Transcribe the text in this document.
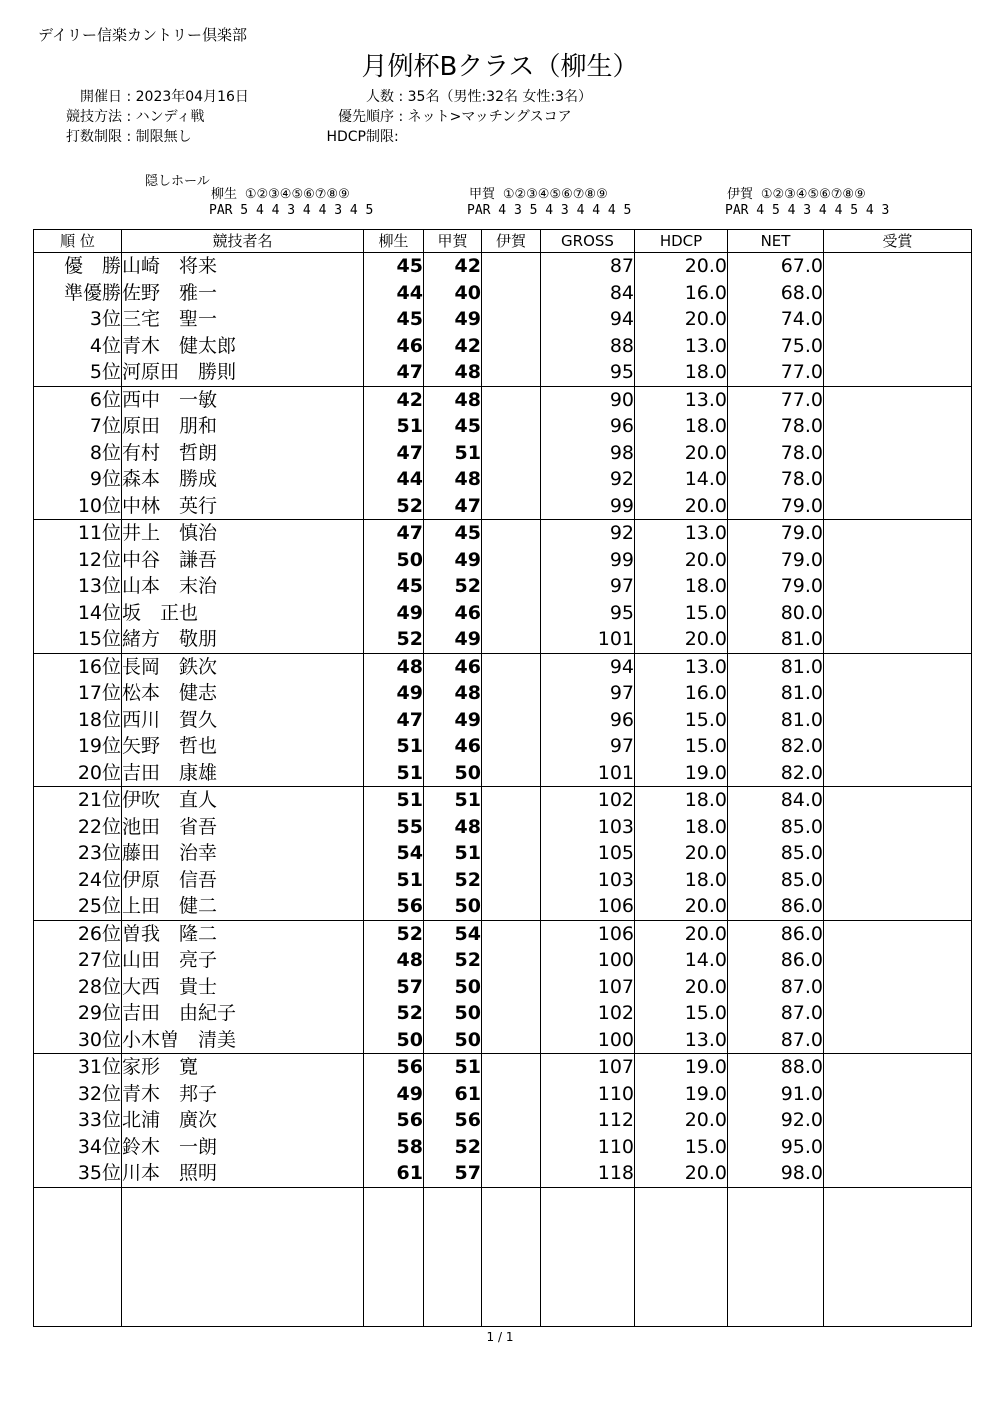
デイリー信楽カントリー倶楽部
月例杯Bクラス（柳生）
開催日 : 2023年04月16日
競技方法 : ハンディ戦
打数制限 : 制限無し
人数 : 35名（男性:32名 女性:3名）
優先順序 : ネット>マッチングスコア
HDCP制限:
隠しホール
柳生 ①②③④⑤⑥⑦⑧⑨
PAR 5 4 4 3 4 4 3 4 5
甲賀 ①②③④⑤⑥⑦⑧⑨
PAR 4 3 5 4 3 4 4 4 5
伊賀 ①②③④⑤⑥⑦⑧⑨
PAR 4 5 4 3 4 4 5 4 3
順 位	競技者名	柳生	甲賀	伊賀	GROSS	HDCP	NET	受賞
優　勝	山崎　将来	45	42		87	20.0	67.0	
準優勝	佐野　雅一	44	40		84	16.0	68.0	
3位	三宅　聖一	45	49		94	20.0	74.0	
4位	青木　健太郎	46	42		88	13.0	75.0	
5位	河原田　勝則	47	48		95	18.0	77.0	
6位	西中　一敏	42	48		90	13.0	77.0	
7位	原田　朋和	51	45		96	18.0	78.0	
8位	有村　哲朗	47	51		98	20.0	78.0	
9位	森本　勝成	44	48		92	14.0	78.0	
10位	中林　英行	52	47		99	20.0	79.0	
11位	井上　慎治	47	45		92	13.0	79.0	
12位	中谷　謙吾	50	49		99	20.0	79.0	
13位	山本　末治	45	52		97	18.0	79.0	
14位	坂　正也	49	46		95	15.0	80.0	
15位	緒方　敬朋	52	49		101	20.0	81.0	
16位	長岡　鉄次	48	46		94	13.0	81.0	
17位	松本　健志	49	48		97	16.0	81.0	
18位	西川　賀久	47	49		96	15.0	81.0	
19位	矢野　哲也	51	46		97	15.0	82.0	
20位	吉田　康雄	51	50		101	19.0	82.0	
21位	伊吹　直人	51	51		102	18.0	84.0	
22位	池田　省吾	55	48		103	18.0	85.0	
23位	藤田　治幸	54	51		105	20.0	85.0	
24位	伊原　信吾	51	52		103	18.0	85.0	
25位	上田　健二	56	50		106	20.0	86.0	
26位	曽我　隆二	52	54		106	20.0	86.0	
27位	山田　亮子	48	52		100	14.0	86.0	
28位	大西　貴士	57	50		107	20.0	87.0	
29位	吉田　由紀子	52	50		102	15.0	87.0	
30位	小木曽　清美	50	50		100	13.0	87.0	
31位	家形　寛	56	51		107	19.0	88.0	
32位	青木　邦子	49	61		110	19.0	91.0	
33位	北浦　廣次	56	56		112	20.0	92.0	
34位	鈴木　一朗	58	52		110	15.0	95.0	
35位	川本　照明	61	57		118	20.0	98.0	

1 / 1
